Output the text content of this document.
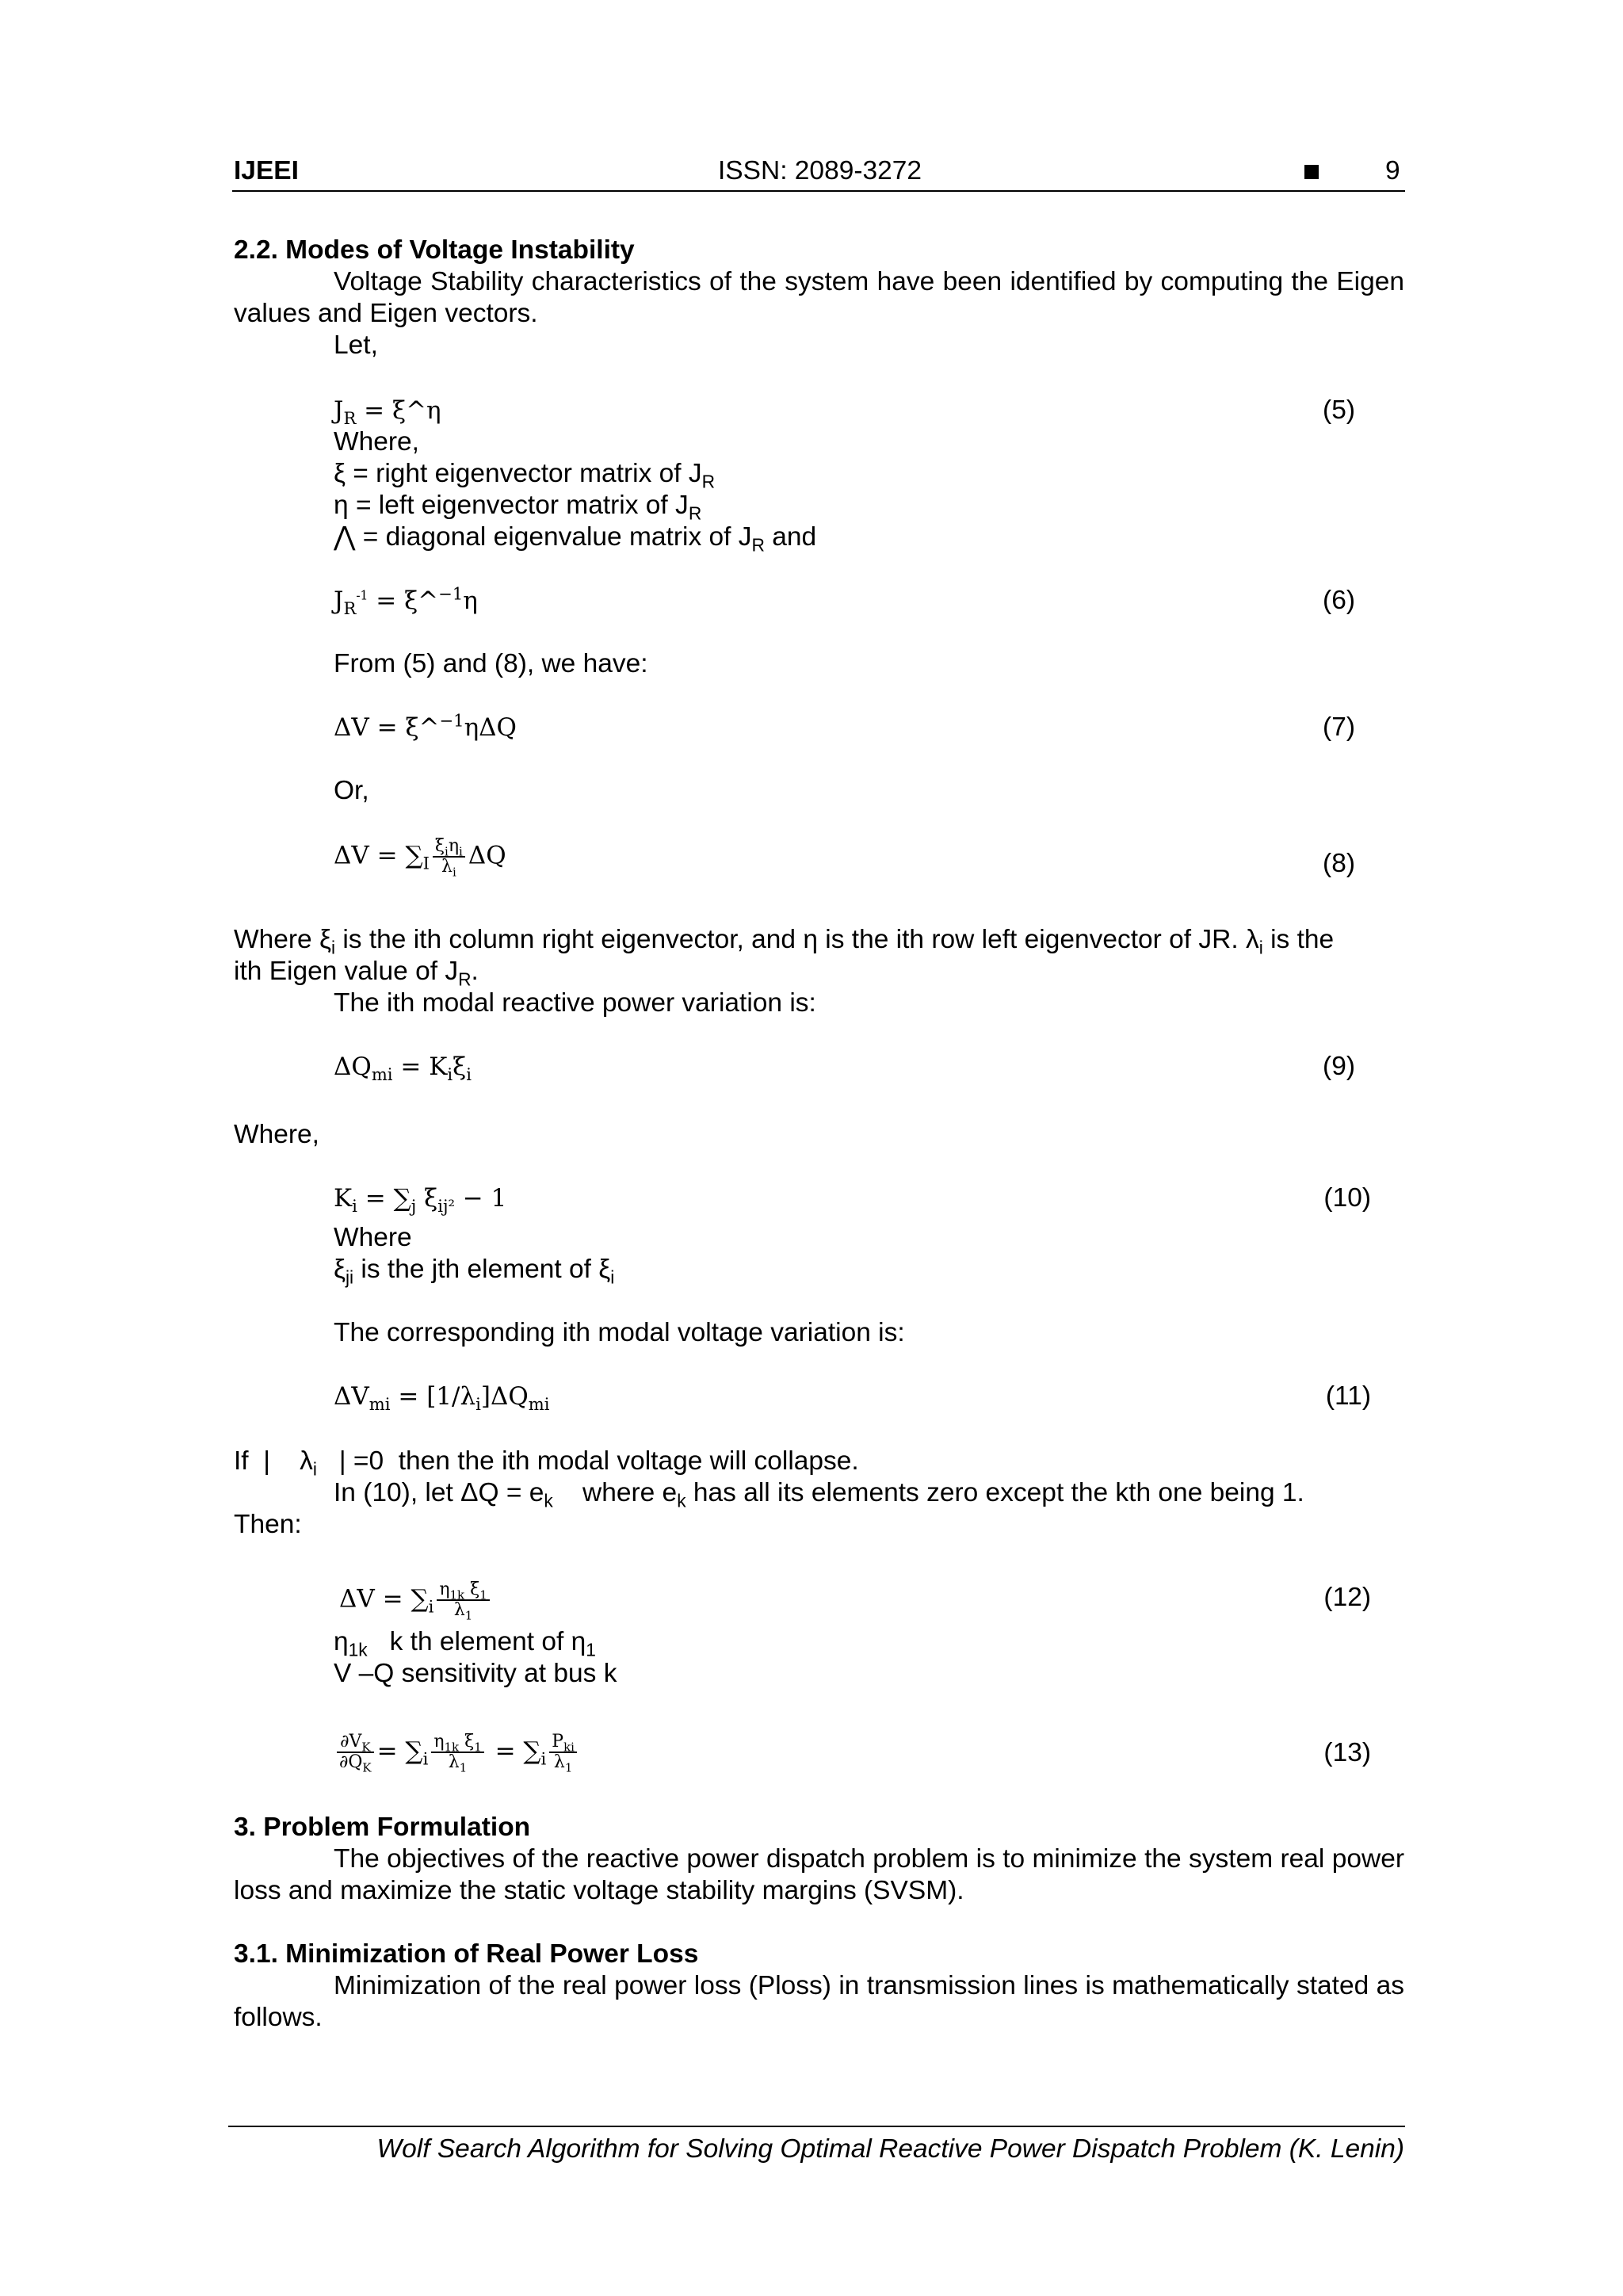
IJEEI	ISSN: 2089-3272	9
2.2. Modes of Voltage Instability
Voltage Stability characteristics of the system have been identified by computing the Eigen values and Eigen vectors.
Let,
$J_R$ = ξ^η	(5)
Where,
ξ = right eigenvector matrix of $J_R$
η = left eigenvector matrix of $J_R$
⋀ = diagonal eigenvalue matrix of $J_R$ and
$J_R^{-1}$ = ξ^$^{-1}$η	(6)
From (5) and (8), we have:
ΔV = ξ^$^{-1}$ηΔQ	(7)
Or,
$\Delta V = \sum_I \frac{\xi_i\eta_i}{\lambda_i}$ ΔQ	(8)
Where $\xi_i$ is the ith column right eigenvector, and η is the ith row left eigenvector of JR. $\lambda_i$ is the
ith Eigen value of $J_R$.
The ith modal reactive power variation is:
$\Delta Q_{mi} = K_i\xi_i$	(9)
Where,
$K_i = \sum_j$ $\xi_{ij^2} - 1$	(10)
Where
$\xi_{ji}$ is the jth element of $\xi_i$
The corresponding ith modal voltage variation is:
$\Delta V_{mi} = [1/\lambda_i]\Delta Q_{mi}$	(11)
If  |    $\lambda_i$   | =0  then the ith modal voltage will collapse.
In (10), let $\Delta Q = e_k$    where $e_k$ has all its elements zero except the kth one being 1.
Then:
$\Delta V = \sum_i \frac{\eta_{1k} \xi_1}{\lambda_1}$	(12)
$\eta_{1k}$   k th element of $\eta_1$
V –Q sensitivity at bus k
$\frac{\partial V_K}{\partial Q_K} = \sum_i \frac{\eta_{1k} \xi_1}{\lambda_1} = \sum_i \frac{P_{ki}}{\lambda_1}$	(13)
3. Problem Formulation
The objectives of the reactive power dispatch problem is to minimize the system real power loss and maximize the static voltage stability margins (SVSM).
3.1. Minimization of Real Power Loss
Minimization of the real power loss (Ploss) in transmission lines is mathematically stated as follows.
Wolf Search Algorithm for Solving Optimal Reactive Power Dispatch Problem (K. Lenin)
